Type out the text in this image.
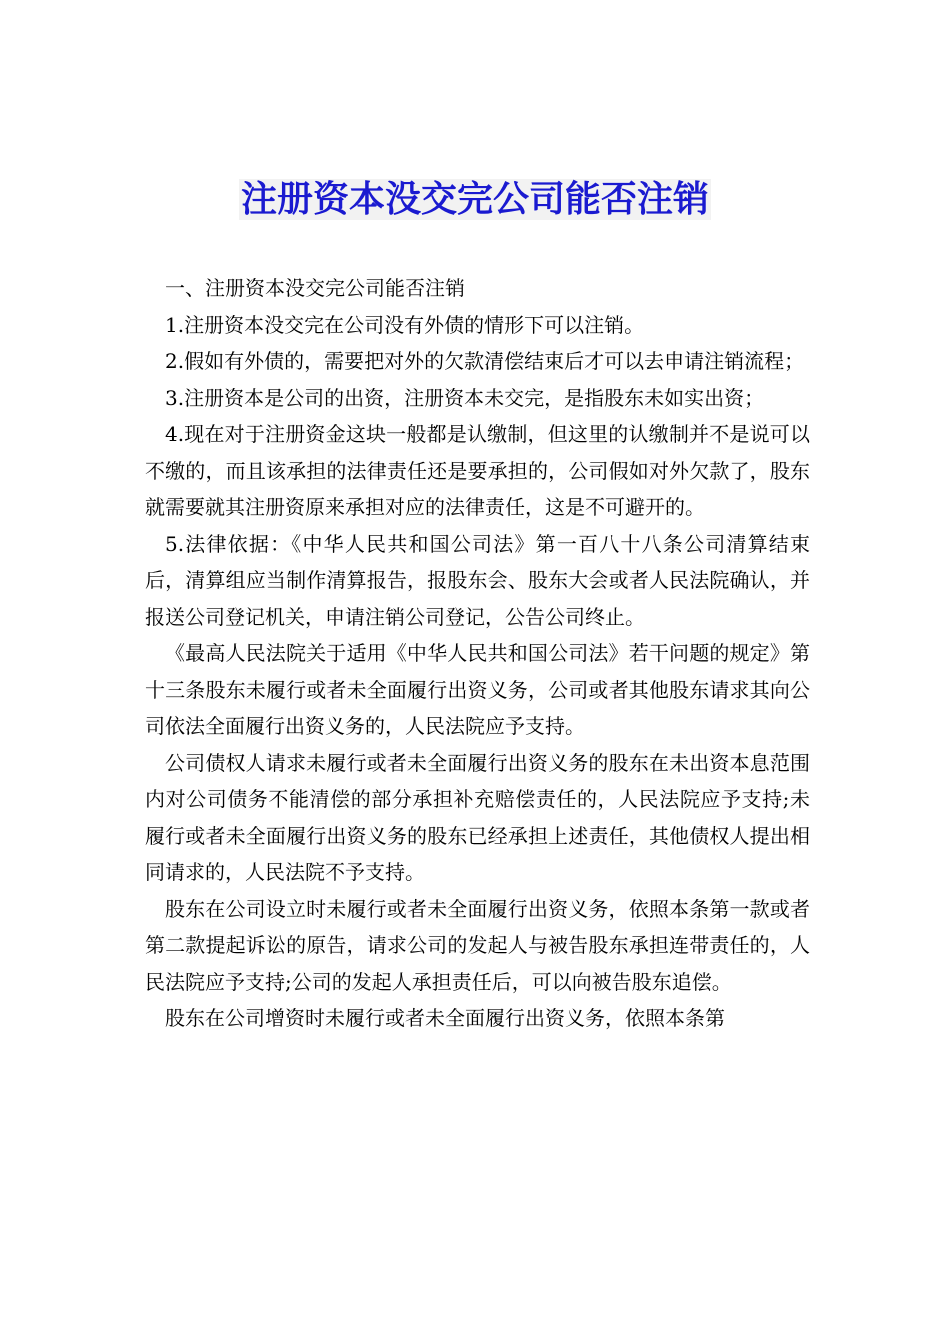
注册资本没交完公司能否注销

一、注册资本没交完公司能否注销

1.注册资本没交完在公司没有外债的情形下可以注销。

2.假如有外债的，需要把对外的欠款清偿结束后才可以去申请注销流程；

3.注册资本是公司的出资，注册资本未交完，是指股东未如实出资；

4.现在对于注册资金这块一般都是认缴制，但这里的认缴制并不是说可以不缴的，而且该承担的法律责任还是要承担的，公司假如对外欠款了，股东就需要就其注册资原来承担对应的法律责任，这是不可避开的。

5.法律依据：《中华人民共和国公司法》第一百八十八条公司清算结束后，清算组应当制作清算报告，报股东会、股东大会或者人民法院确认，并报送公司登记机关，申请注销公司登记，公告公司终止。

《最高人民法院关于适用《中华人民共和国公司法》若干问题的规定》第十三条股东未履行或者未全面履行出资义务，公司或者其他股东请求其向公司依法全面履行出资义务的，人民法院应予支持。

公司债权人请求未履行或者未全面履行出资义务的股东在未出资本息范围内对公司债务不能清偿的部分承担补充赔偿责任的，人民法院应予支持;未履行或者未全面履行出资义务的股东已经承担上述责任，其他债权人提出相同请求的，人民法院不予支持。

股东在公司设立时未履行或者未全面履行出资义务，依照本条第一款或者第二款提起诉讼的原告，请求公司的发起人与被告股东承担连带责任的，人民法院应予支持;公司的发起人承担责任后，可以向被告股东追偿。

股东在公司增资时未履行或者未全面履行出资义务，依照本条第
